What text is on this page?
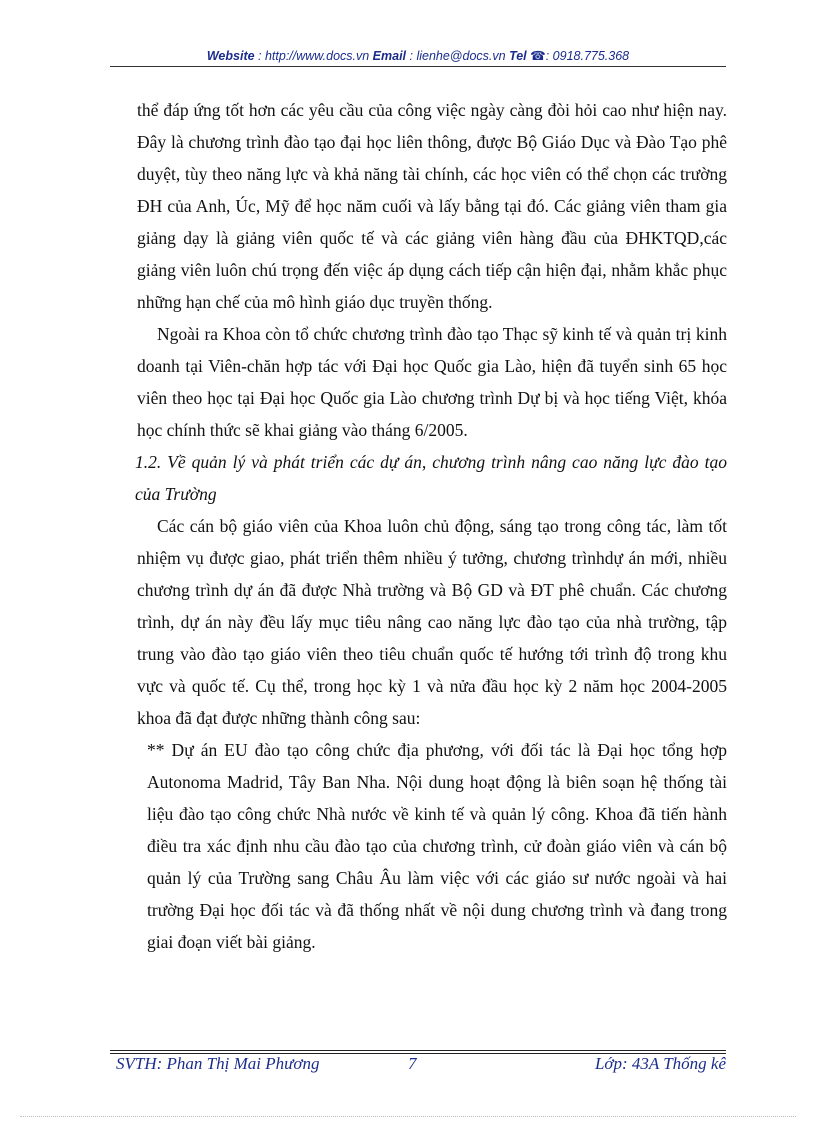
Website : http://www.docs.vn Email : lienhe@docs.vn Tel ☎: 0918.775.368

thể đáp ứng tốt hơn các yêu cầu của công việc ngày càng đòi hỏi cao như hiện nay. Đây là chương trình đào tạo đại học liên thông, được Bộ Giáo Dục và Đào Tạo phê duyệt, tùy theo năng lực và khả năng tài chính, các học viên có thể chọn các trường ĐH của Anh, Úc, Mỹ để học năm cuối và lấy bằng tại đó. Các giảng viên tham gia giảng dạy là giảng viên quốc tế và các giảng viên hàng đầu của ĐHKTQD,các giảng viên luôn chú trọng đến việc áp dụng cách tiếp cận hiện đại, nhằm khắc phục những hạn chế của mô hình giáo dục truyền thống.

Ngoài ra Khoa còn tổ chức chương trình đào tạo Thạc sỹ kinh tế và quản trị kinh doanh tại Viên-chăn hợp tác với Đại học Quốc gia Lào, hiện đã tuyển sinh 65 học viên theo học tại Đại học Quốc gia Lào chương trình Dự bị và học tiếng Việt, khóa học chính thức sẽ khai giảng vào tháng 6/2005.

1.2. Về quản lý và phát triển các dự án, chương trình nâng cao năng lực đào tạo của Trường

Các cán bộ giáo viên của Khoa luôn chủ động, sáng tạo trong công tác, làm tốt nhiệm vụ được giao, phát triển thêm nhiều ý tưởng, chương trìnhdự án mới, nhiều chương trình dự án đã được Nhà trường và Bộ GD và ĐT phê chuẩn. Các chương trình, dự án này đều lấy mục tiêu nâng cao năng lực đào tạo của nhà trường, tập trung vào đào tạo giáo viên theo tiêu chuẩn quốc tế hướng tới trình độ trong khu vực và quốc tế. Cụ thể, trong học kỳ 1 và nửa đầu học kỳ 2 năm học 2004-2005 khoa đã đạt được những thành công sau:

** Dự án EU đào tạo công chức địa phương, với đối tác là Đại học tổng hợp Autonoma Madrid, Tây Ban Nha. Nội dung hoạt động là biên soạn hệ thống tài liệu đào tạo công chức Nhà nước về kinh tế và quản lý công. Khoa đã tiến hành điều tra xác định nhu cầu đào tạo của chương trình, cử đoàn giáo viên và cán bộ quản lý của Trường sang Châu Âu làm việc với các giáo sư nước ngoài và hai trường Đại học đối tác và đã thống nhất về nội dung chương trình và đang trong giai đoạn viết bài giảng.

SVTH: Phan Thị Mai Phương	7	Lớp: 43A Thống kê
